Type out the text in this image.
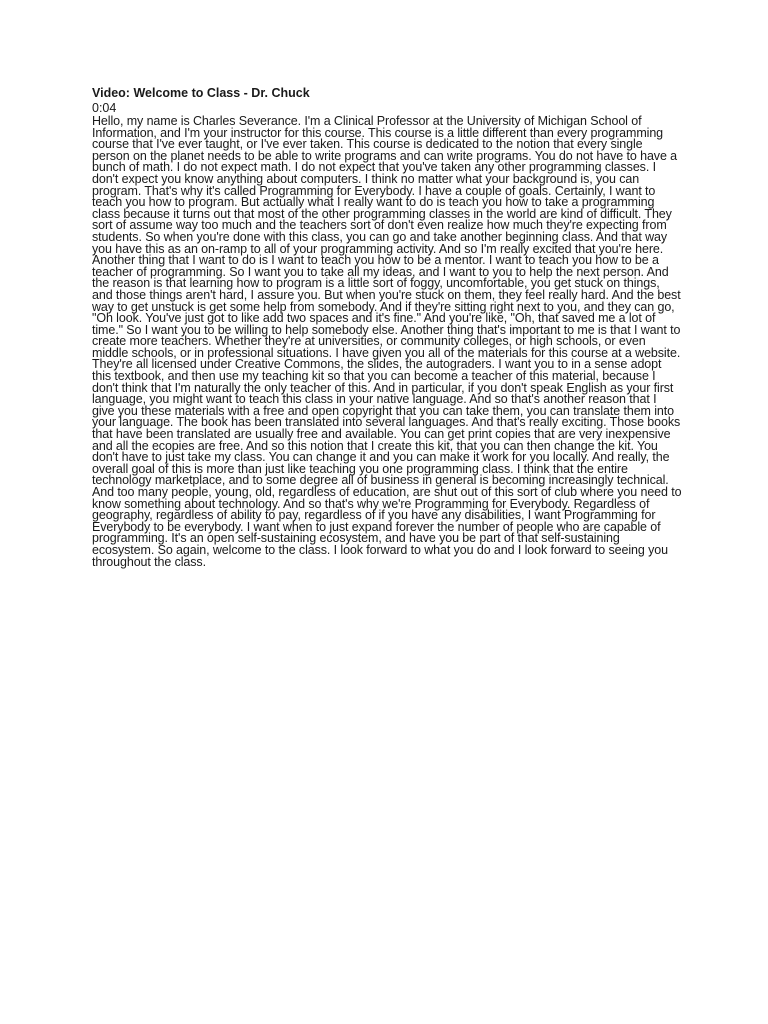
Video: Welcome to Class - Dr. Chuck

0:04

Hello, my name is Charles Severance. I'm a Clinical Professor at the University of Michigan School of Information, and I'm your instructor for this course. This course is a little different than every programming course that I've ever taught, or I've ever taken. This course is dedicated to the notion that every single person on the planet needs to be able to write programs and can write programs. You do not have to have a bunch of math. I do not expect math. I do not expect that you've taken any other programming classes. I don't expect you know anything about computers. I think no matter what your background is, you can program. That's why it's called Programming for Everybody. I have a couple of goals. Certainly, I want to teach you how to program. But actually what I really want to do is teach you how to take a programming class because it turns out that most of the other programming classes in the world are kind of difficult. They sort of assume way too much and the teachers sort of don't even realize how much they're expecting from students. So when you're done with this class, you can go and take another beginning class. And that way you have this as an on-ramp to all of your programming activity. And so I'm really excited that you're here. Another thing that I want to do is I want to teach you how to be a mentor. I want to teach you how to be a teacher of programming. So I want you to take all my ideas, and I want to you to help the next person. And the reason is that learning how to program is a little sort of foggy, uncomfortable, you get stuck on things, and those things aren't hard, I assure you. But when you're stuck on them, they feel really hard. And the best way to get unstuck is get some help from somebody. And if they're sitting right next to you, and they can go, "Oh look. You've just got to like add two spaces and it's fine." And you're like, "Oh, that saved me a lot of time." So I want you to be willing to help somebody else. Another thing that's important to me is that I want to create more teachers. Whether they're at universities, or community colleges, or high schools, or even middle schools, or in professional situations. I have given you all of the materials for this course at a website. They're all licensed under Creative Commons, the slides, the autograders. I want you to in a sense adopt this textbook, and then use my teaching kit so that you can become a teacher of this material, because I don't think that I'm naturally the only teacher of this. And in particular, if you don't speak English as your first language, you might want to teach this class in your native language. And so that's another reason that I give you these materials with a free and open copyright that you can take them, you can translate them into your language. The book has been translated into several languages. And that's really exciting. Those books that have been translated are usually free and available. You can get print copies that are very inexpensive and all the ecopies are free. And so this notion that I create this kit, that you can then change the kit. You don't have to just take my class. You can change it and you can make it work for you locally. And really, the overall goal of this is more than just like teaching you one programming class. I think that the entire technology marketplace, and to some degree all of business in general is becoming increasingly technical. And too many people, young, old, regardless of education, are shut out of this sort of club where you need to know something about technology. And so that's why we're Programming for Everybody. Regardless of geography, regardless of ability to pay, regardless of if you have any disabilities, I want Programming for Everybody to be everybody. I want when to just expand forever the number of people who are capable of programming. It's an open self-sustaining ecosystem, and have you be part of that self-sustaining ecosystem. So again, welcome to the class. I look forward to what you do and I look forward to seeing you throughout the class.
